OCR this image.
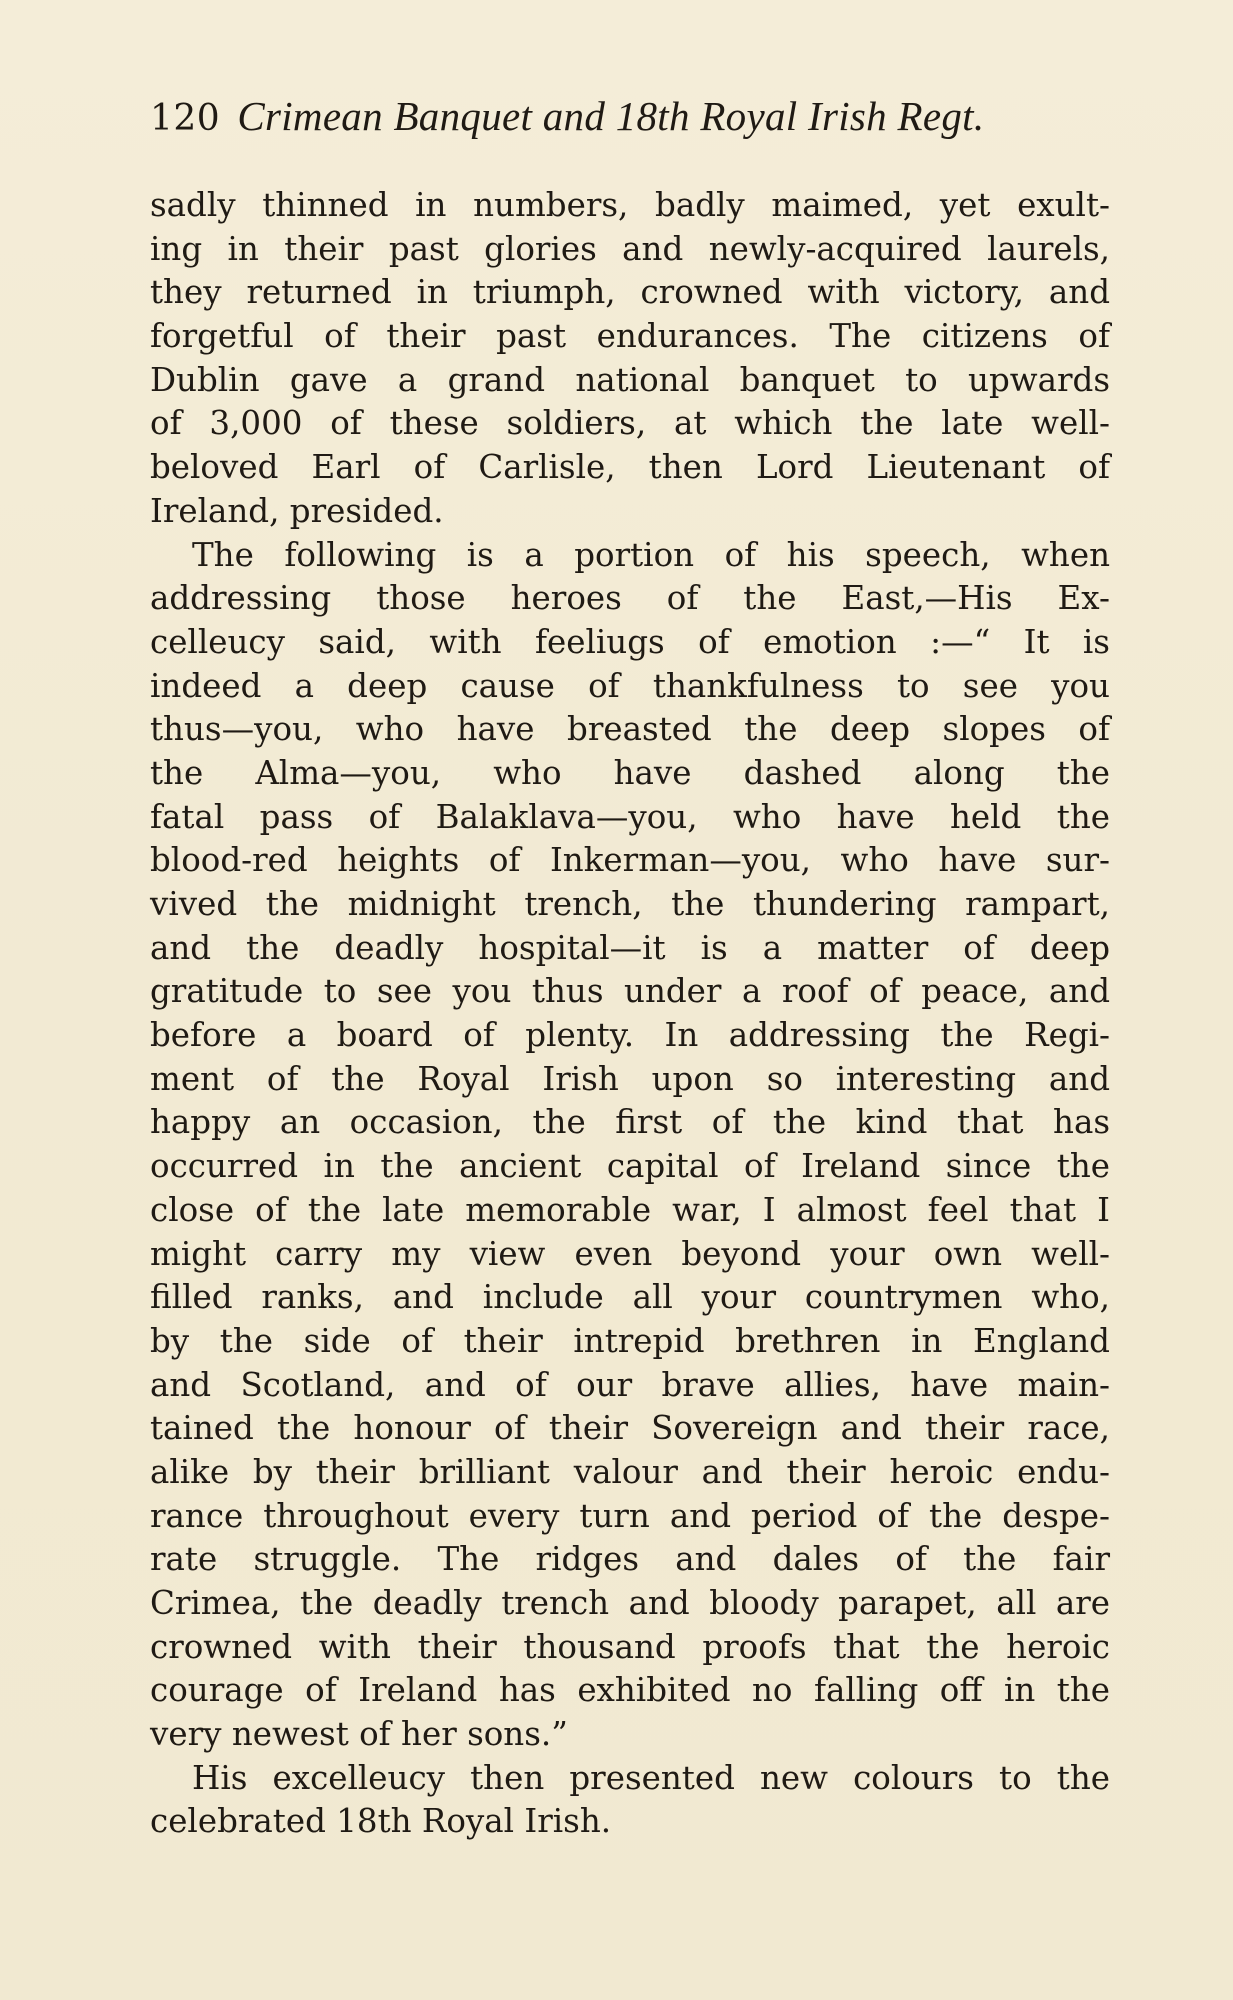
120 Crimean Banquet and 18th Royal Irish Regt.
sadly thinned in numbers, badly maimed, yet exult-
ing in their past glories and newly-acquired laurels,
they returned in triumph, crowned with victory, and
forgetful of their past endurances. The citizens of
Dublin gave a grand national banquet to upwards
of 3,000 of these soldiers, at which the late well-
beloved Earl of Carlisle, then Lord Lieutenant of
Ireland, presided.
The following is a portion of his speech, when
addressing those heroes of the East,—His Ex-
celleucy said, with feeliugs of emotion :—“ It is
indeed a deep cause of thankfulness to see you
thus—you, who have breasted the deep slopes of
the Alma—you, who have dashed along the
fatal pass of Balaklava—you, who have held the
blood-red heights of Inkerman—you, who have sur-
vived the midnight trench, the thundering rampart,
and the deadly hospital—it is a matter of deep
gratitude to see you thus under a roof of peace, and
before a board of plenty. In addressing the Regi-
ment of the Royal Irish upon so interesting and
happy an occasion, the first of the kind that has
occurred in the ancient capital of Ireland since the
close of the late memorable war, I almost feel that I
might carry my view even beyond your own well-
filled ranks, and include all your countrymen who,
by the side of their intrepid brethren in England
and Scotland, and of our brave allies, have main-
tained the honour of their Sovereign and their race,
alike by their brilliant valour and their heroic endu-
rance throughout every turn and period of the despe-
rate struggle. The ridges and dales of the fair
Crimea, the deadly trench and bloody parapet, all are
crowned with their thousand proofs that the heroic
courage of Ireland has exhibited no falling off in the
very newest of her sons.”
His excelleucy then presented new colours to the
celebrated 18th Royal Irish.
